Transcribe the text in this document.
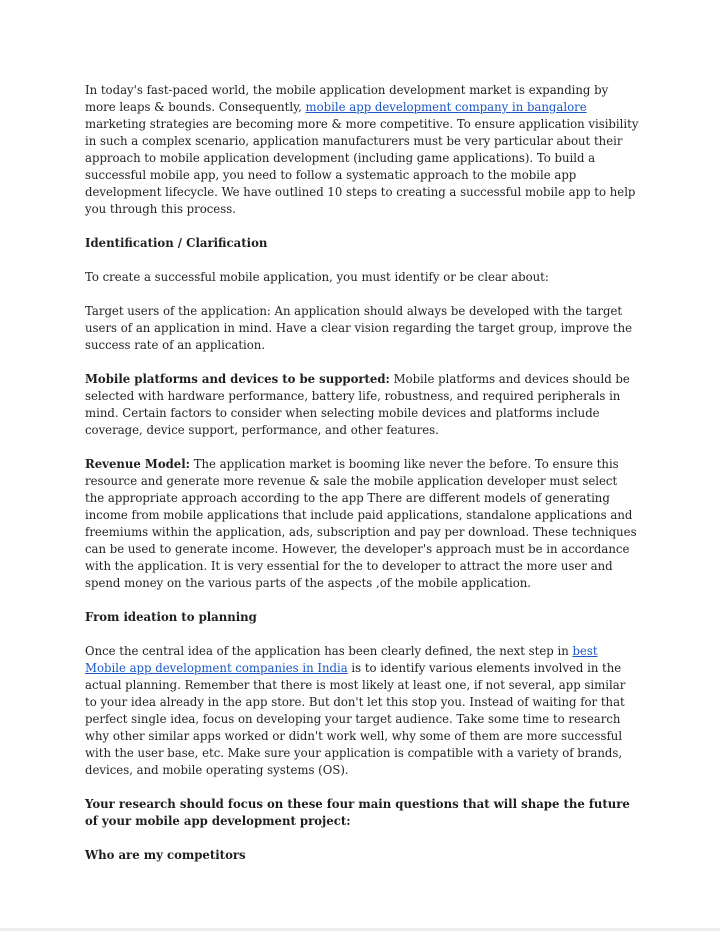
In today's fast-paced world, the mobile application development market is expanding by more leaps & bounds. Consequently, mobile app development company in bangalore marketing strategies are becoming more & more competitive. To ensure application visibility in such a complex scenario, application manufacturers must be very particular about their approach to mobile application development (including game applications). To build a successful mobile app, you need to follow a systematic approach to the mobile app development lifecycle. We have outlined 10 steps to creating a successful mobile app to help you through this process.

Identification / Clarification

To create a successful mobile application, you must identify or be clear about:

Target users of the application: An application should always be developed with the target users of an application in mind. Have a clear vision regarding the target group, improve the success rate of an application.

Mobile platforms and devices to be supported: Mobile platforms and devices should be selected with hardware performance, battery life, robustness, and required peripherals in mind. Certain factors to consider when selecting mobile devices and platforms include coverage, device support, performance, and other features.

Revenue Model: The application market is booming like never the before. To ensure this resource and generate more revenue & sale the mobile application developer must select the appropriate approach according to the app There are different models of generating income from mobile applications that include paid applications, standalone applications and freemiums within the application, ads, subscription and pay per download. These techniques can be used to generate income. However, the developer's approach must be in accordance with the application. It is very essential for the to developer to attract the more user and spend money on the various parts of the aspects ,of the mobile application.

From ideation to planning

Once the central idea of the application has been clearly defined, the next step in best Mobile app development companies in India is to identify various elements involved in the actual planning. Remember that there is most likely at least one, if not several, app similar to your idea already in the app store. But don't let this stop you. Instead of waiting for that perfect single idea, focus on developing your target audience. Take some time to research why other similar apps worked or didn't work well, why some of them are more successful with the user base, etc. Make sure your application is compatible with a variety of brands, devices, and mobile operating systems (OS).

Your research should focus on these four main questions that will shape the future of your mobile app development project:

Who are my competitors
